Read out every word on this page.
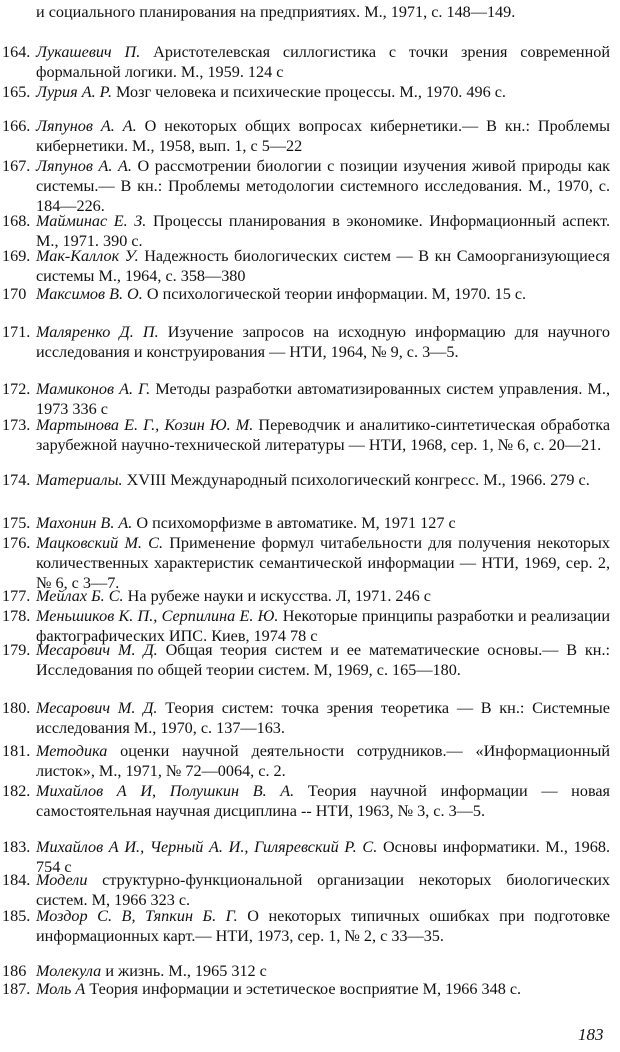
и социального планирования на предприятиях. М., 1971, с. 148—149.
164. Лукашевич П. Аристотелевская силлогистика с точки зрения современной формальной логики. М., 1959. 124 с
165. Лурия А. Р. Мозг человека и психические процессы. М., 1970. 496 с.
166. Ляпунов А. А. О некоторых общих вопросах кибернетики.— В кн.: Проблемы кибернетики. М., 1958, вып. 1, с 5—22
167. Ляпунов А. А. О рассмотрении биологии с позиции изучения живой природы как системы.— В кн.: Проблемы методологии системного исследования. М., 1970, с. 184—226.
168. Майминас Е. З. Процессы планирования в экономике. Информационный аспект. М., 1971. 390 с.
169. Мак-Каллок У. Надежность биологических систем — В кн Самоорганизующиеся системы М., 1964, с. 358—380
170 Максимов В. О. О психологической теории информации. М, 1970. 15 с.
171. Маляренко Д. П. Изучение запросов на исходную информацию для научного исследования и конструирования — НТИ, 1964, № 9, с. 3—5.
172. Мамиконов А. Г. Методы разработки автоматизированных систем управления. М., 1973 336 с
173. Мартынова Е. Г., Козин Ю. М. Переводчик и аналитико-синтетическая обработка зарубежной научно-технической литературы — НТИ, 1968, сер. 1, № 6, с. 20—21.
174. Материалы. XVIII Международный психологический конгресс. М., 1966. 279 с.
175. Махонин В. А. О психоморфизме в автоматике. М, 1971 127 с
176. Мацковский М. С. Применение формул читабельности для получения некоторых количественных характеристик семантической информации — НТИ, 1969, сер. 2, № 6, с 3—7.
177. Мейлах Б. С. На рубеже науки и искусства. Л, 1971. 246 с
178. Меньшиков К. П., Серпилина Е. Ю. Некоторые принципы разработки и реализации фактографических ИПС. Киев, 1974 78 с
179. Месарович М. Д. Общая теория систем и ее математические основы.— В кн.: Исследования по общей теории систем. М, 1969, с. 165—180.
180. Месарович М. Д. Теория систем: точка зрения теоретика — В кн.: Системные исследования М., 1970, с. 137—163.
181. Методика оценки научной деятельности сотрудников.— «Информационный листок», М., 1971, № 72—0064, с. 2.
182. Михайлов А И, Полушкин В. А. Теория научной информации — новая самостоятельная научная дисциплина -- НТИ, 1963, № 3, с. 3—5.
183. Михайлов А И., Черный А. И., Гиляревский Р. С. Основы информатики. М., 1968. 754 с
184. Модели структурно-функциональной организации некоторых биологических систем. М, 1966 323 с.
185. Моздор С. В, Тяпкин Б. Г. О некоторых типичных ошибках при подготовке информационных карт.— НТИ, 1973, сер. 1, № 2, с 33—35.
186 Молекула и жизнь. М., 1965 312 с
187. Моль А Теория информации и эстетическое восприятие М, 1966 348 с.
183
